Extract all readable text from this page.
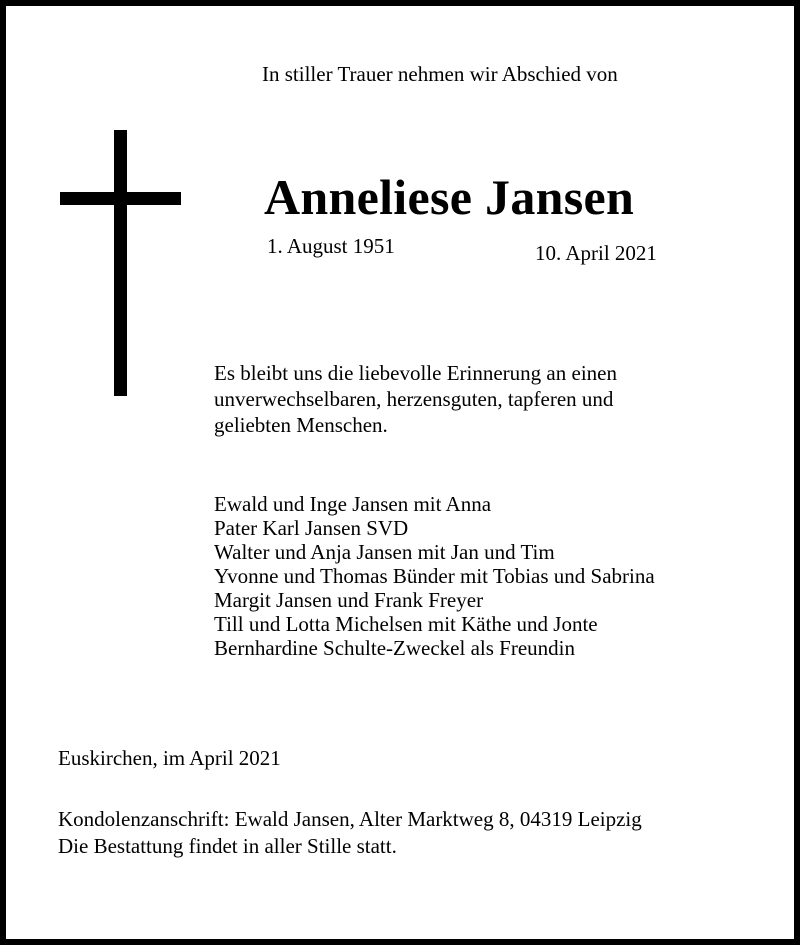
In stiller Trauer nehmen wir Abschied von
Anneliese Jansen
1. August 1951	10. April 2021
Es bleibt uns die liebevolle Erinnerung an einen
unverwechselbaren, herzensguten, tapferen und
geliebten Menschen.
Ewald und Inge Jansen mit Anna
Pater Karl Jansen SVD
Walter und Anja Jansen mit Jan und Tim
Yvonne und Thomas Bünder mit Tobias und Sabrina
Margit Jansen und Frank Freyer
Till und Lotta Michelsen mit Käthe und Jonte
Bernhardine Schulte-Zweckel als Freundin
Euskirchen, im April 2021
Kondolenzanschrift: Ewald Jansen, Alter Marktweg 8, 04319 Leipzig
Die Bestattung findet in aller Stille statt.
